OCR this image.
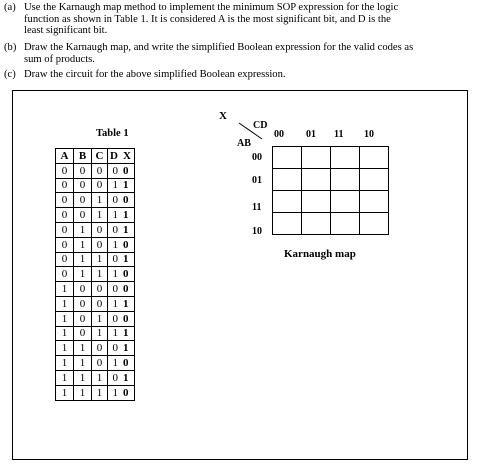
(a) Use the Karnaugh map method to implement the minimum SOP expression for the logic
function as shown in Table 1. It is considered A is the most significant bit, and D is the
least significant bit.
(b) Draw the Karnaugh map, and write the simplified Boolean expression for the valid codes as
sum of products.
(c) Draw the circuit for the above simplified Boolean expression.
Table 1
A	B	C	D	X
0	0	0	0	0
0	0	0	1	1
0	0	1	0	0
0	0	1	1	1
0	1	0	0	1
0	1	0	1	0
0	1	1	0	1
0	1	1	1	0
1	0	0	0	0
1	0	0	1	1
1	0	1	0	0
1	0	1	1	1
1	1	0	0	1
1	1	0	1	0
1	1	1	0	1
1	1	1	1	0
X
CD
AB
00 01 11 10
00
01
11
10

Karnaugh map
